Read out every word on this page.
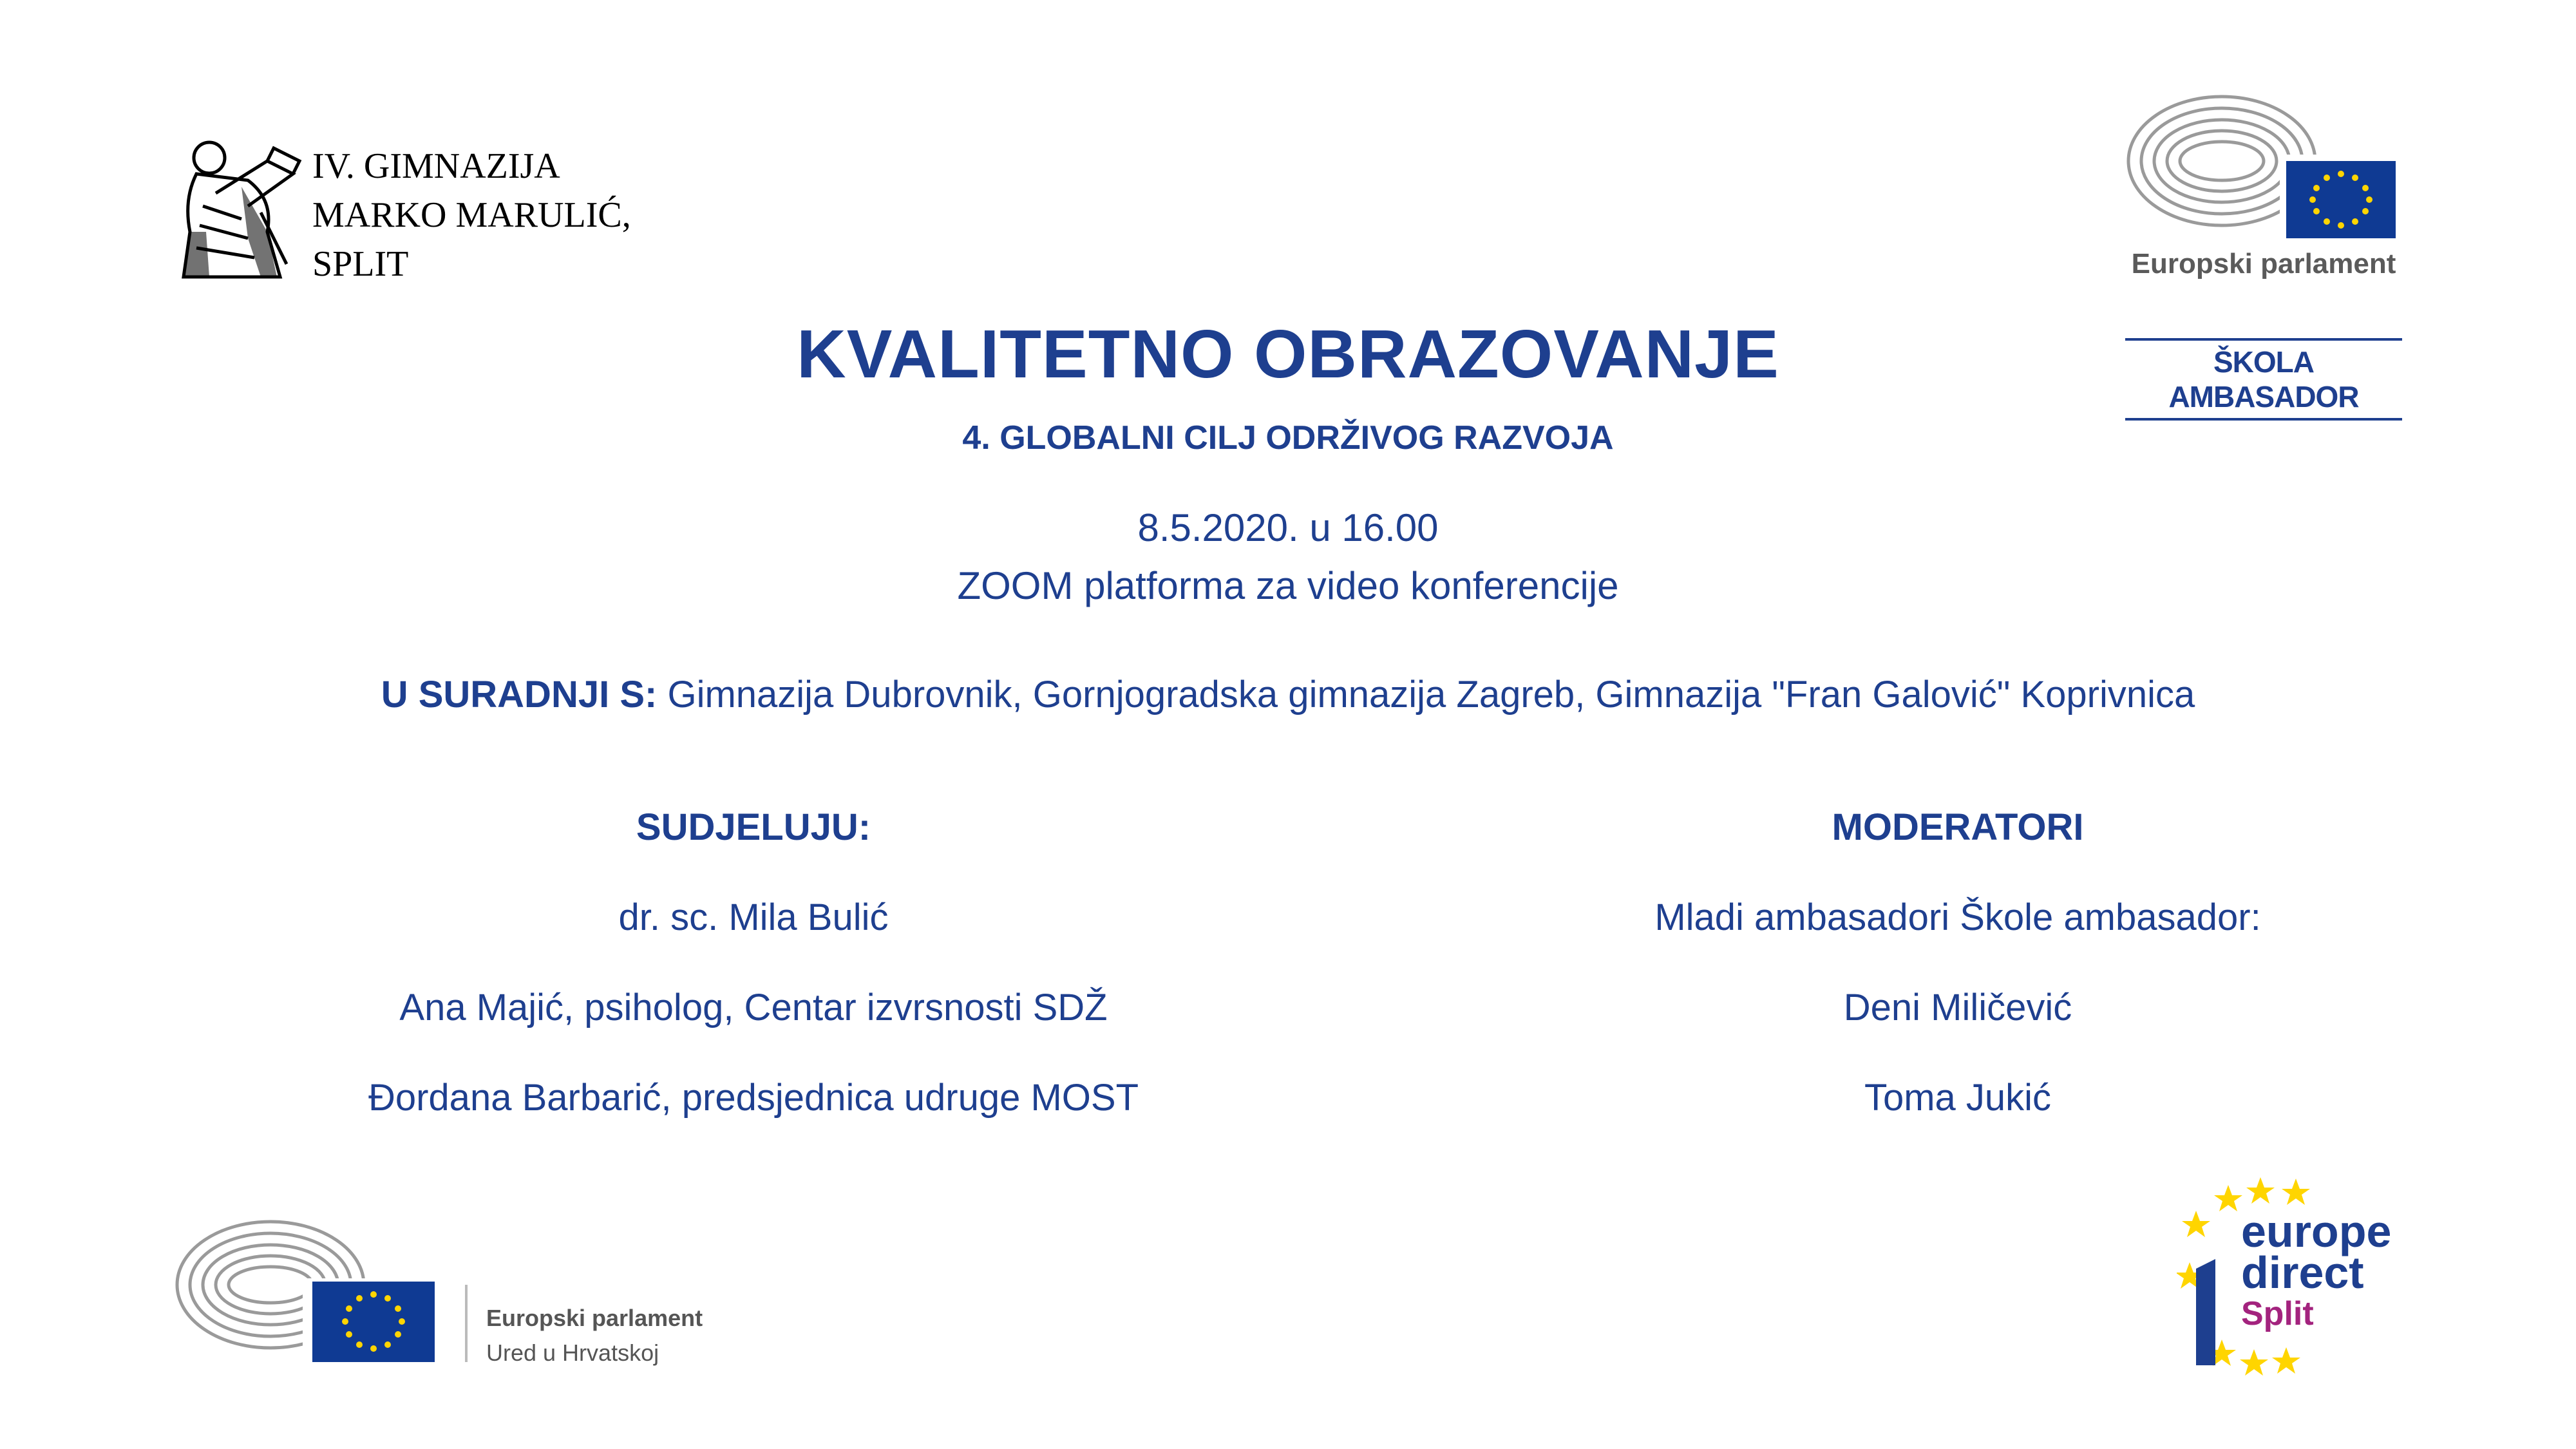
IV. GIMNAZIJA
MARKO MARULIĆ,
SPLIT	Europski parlament
ŠKOLA AMBASADOR
KVALITETNO OBRAZOVANJE
4. GLOBALNI CILJ ODRŽIVOG RAZVOJA
8.5.2020. u 16.00
ZOOM platforma za video konferencije
U SURADNJI S: Gimnazija Dubrovnik, Gornjogradska gimnazija Zagreb, Gimnazija "Fran Galović" Koprivnica
SUDJELUJU:
dr. sc. Mila Bulić
Ana Majić, psiholog, Centar izvrsnosti SDŽ
Đordana Barbarić, predsjednica udruge MOST
MODERATORI
Mladi ambasadori Škole ambasador:
Deni Miličević
Toma Jukić
Europski parlament
Ured u Hrvatskoj
europe
direct
Split
